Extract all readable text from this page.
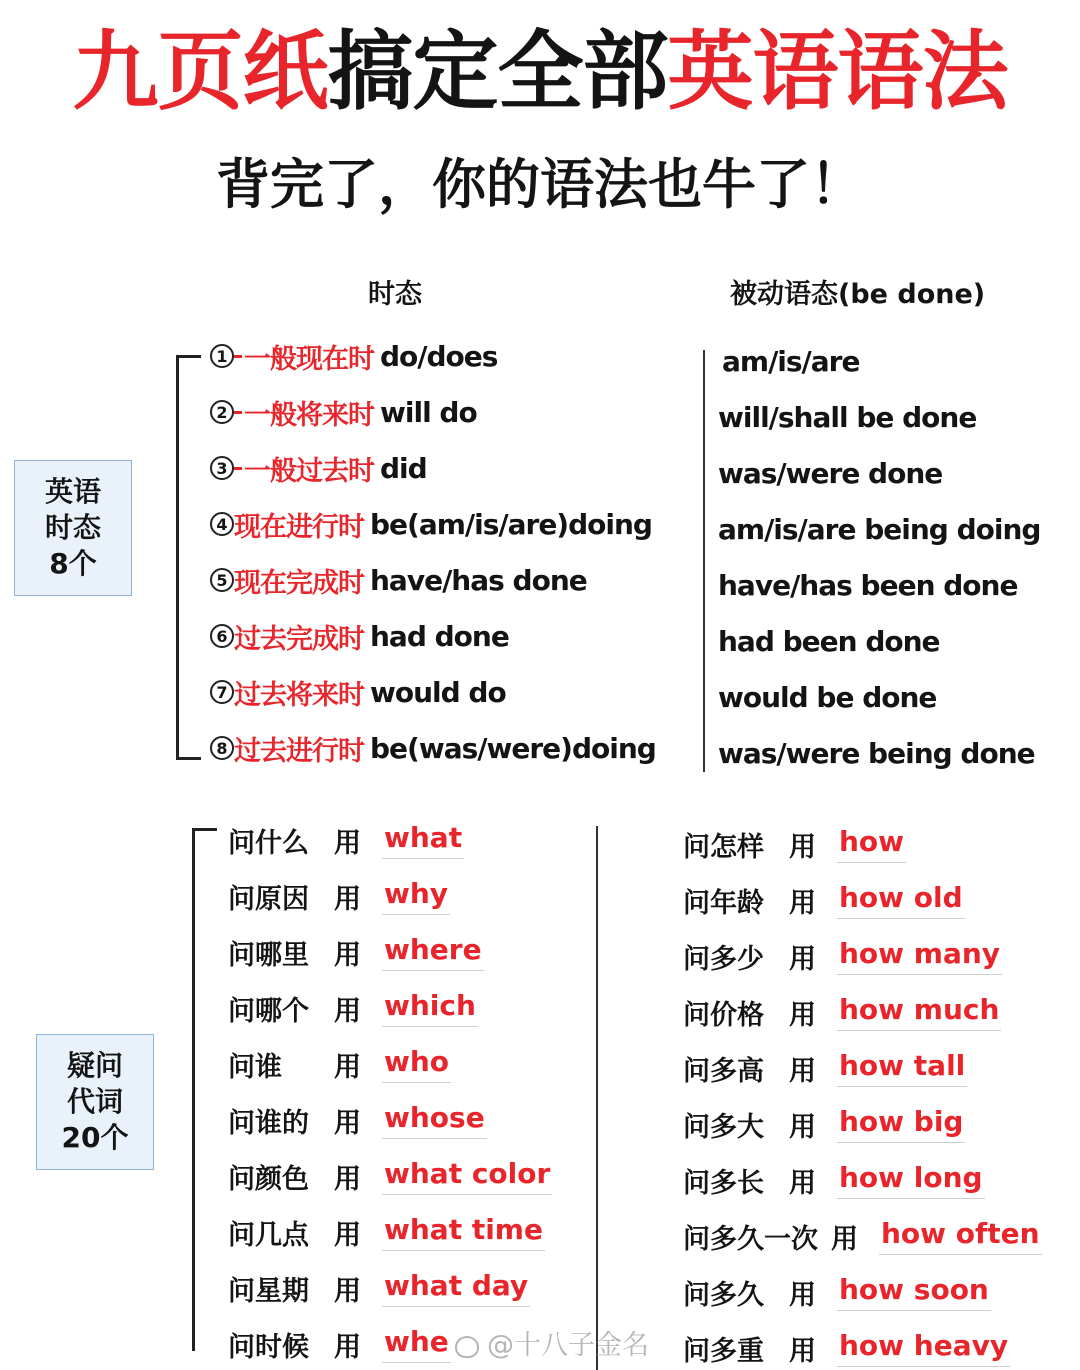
九页纸搞定全部英语语法
背完了，你的语法也牛了！
时态	被动语态(be done)
英语
时态
8个
1 一般现在时 do/does
2 一般将来时 will do
3 一般过去时 did
4 现在进行时 be(am/is/are)doing
5 现在完成时 have/has done
6 过去完成时 had done
7 过去将来时 would do
8 过去进行时 be(was/were)doing
am/is/are
will/shall be done
was/were done
am/is/are being doing
have/has been done
had been done
would be done
was/were being done
疑问
代词
20个
问什么 用 what
问原因 用 why
问哪里 用 where
问哪个 用 which
问谁	用 who
问谁的 用 whose
问颜色 用 what color
问几点 用 what time
问星期 用 what day
问时候 用 whe
问怎样 用 how
问年龄 用 how old
问多少 用 how many
问价格 用 how much
问多高 用 how tall
问多大 用 how big
问多长 用 how long
问多久一次 用 how often
问多久 用 how soon
问多重 用 how heavy
@十八子金名
